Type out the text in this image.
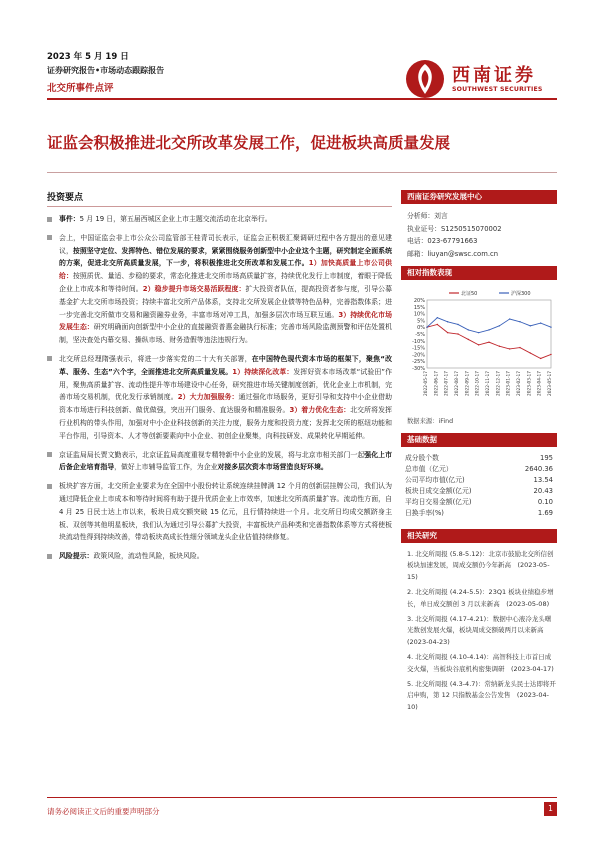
2023 年 5 月 19 日
证券研究报告•市场动态跟踪报告
北交所事件点评
西南证券
SOUTHWEST SECURITIES
证监会积极推进北交所改革发展工作，促进板块高质量发展
投资要点
事件：5 月 19 日，第五届西城区企业上市主题交流活动在北京举行。
会上，中国证监会非上市公众公司监管部王桂青司长表示，证监会正积极汇聚调研过程中各方提出的意见建议，按照坚守定位、发挥特色、错位发展的要求，紧紧围绕服务创新型中小企业这个主题，研究制定全面系统的方案，促进北交所高质量发展，下一步，将积极推进北交所改革和发展工作。1）加快高质量上市公司供给：按照质优、量适、步稳的要求，常态化推进北交所市场高质量扩容，持续优化发行上市制度，着眼于降低企业上市成本和等待时间。2）稳步提升市场交易活跃程度：扩大投资者队伍，提高投资者参与度，引导公募基金扩大北交所市场投资；持续丰富北交所产品体系，支持北交所发展企业债等特色品种，完善指数体系；进一步完善北交所做市交易和融资融券业务，丰富市场对冲工具，加强多层次市场互联互通。3）持续优化市场发展生态：研究明确面向创新型中小企业的直接融资普惠金融执行标准；完善市场风险监测预警和评估处置机制，坚决查处内幕交易、操纵市场、财务造假等违法违规行为。
北交所总经理隋强表示，将进一步落实党的二十大有关部署，在中国特色现代资本市场的框架下，聚焦“改革、服务、生态”六个字，全面推进北交所高质量发展。1）持续深化改革：发挥好资本市场改革“试验田”作用，聚焦高质量扩容、流动性提升等市场建设中心任务，研究推进市场关键制度创新，优化企业上市机制，完善市场交易机制，优化发行承销制度。2）大力加强服务：通过强化市场服务，更好引导和支持中小企业借助资本市场进行科技创新、做优做强，突出开门服务、直达服务和精准服务。3）着力优化生态：北交所将发挥行业机构的带头作用，加强对中小企业科技创新的关注力度，服务力度和投资力度；发挥北交所的枢纽功能和平台作用，引导资本、人才等创新要素向中小企业、初创企业聚集，向科技研发、成果转化早期延伸。
京证监局局长贾文勤表示，北京证监局高度重视专精特新中小企业的发展，将与北京市相关部门一起强化上市后备企业培育指导，做好上市辅导监管工作，为企业对接多层次资本市场营造良好环境。
板块扩容方面，北交所企业要求为在全国中小股份转让系统连续挂牌满 12 个月的创新层挂牌公司，我们认为通过降低企业上市成本和等待时间将有助于提升优质企业上市效率，加速北交所高质量扩容。流动性方面，自 4 月 25 日民士达上市以来，板块日成交额突破 15 亿元，且行情持续进一个月。北交所日均成交额跻身主板、双创等其他明星板块，我们认为通过引导公募扩大投资，丰富板块产品种类和完善指数体系等方式将使板块流动性得到持续改善，带动板块高成长性细分领域龙头企业估值持续修复。
风险提示：政策风险，流动性风险，板块风险。
西南证券研究发展中心
分析师：刘言
执业证号：S1250515070002
电话：023-67791663
邮箱：liuyan@swsc.com.cn
相对指数表现
20%
15%
10%
5%
0%
-5%
-10%
-15%
-20%
-25%
-30%
2022-05-17 2022-06-17 2022-07-17 2022-08-17 2022-09-17 2022-10-17 2022-11-17 2022-12-17 2023-01-17 2023-02-17 2023-03-17 2023-04-17 2023-05-17
北证50	沪深300
数据来源：iFind
基础数据
成分股个数	195
总市值（亿元）	2640.36
公司平均市值(亿元)	13.54
板块日成交金额(亿元)	20.43
平均日交易金额(亿元)	0.10
日换手率(%)	1.69
相关研究
1. 北交所周报 (5.8-5.12)：北京市鼓励北交所信创板块加速发展，周成交额仍今年新高　(2023-05-15)
2. 北交所周报 (4.24-5.5)：23Q1 板块业绩稳步增长，单日成交额创 3 月以来新高　(2023-05-08)
3. 北交所周报 (4.17-4.21)：数据中心液冷龙头曙光数创发展火爆，板块周成交额破两月以来新高　(2023-04-23)
4. 北交所周报 (4.10-4.14)：高智科技上市首日成交火爆，当板块谷底机构密集调研　(2023-04-17)
5. 北交所周报 (4.3-4.7)：常纳新龙头民士达即将开启申购，第 12 只指数基金公告发售　(2023-04-10)
请务必阅读正文后的重要声明部分	1
